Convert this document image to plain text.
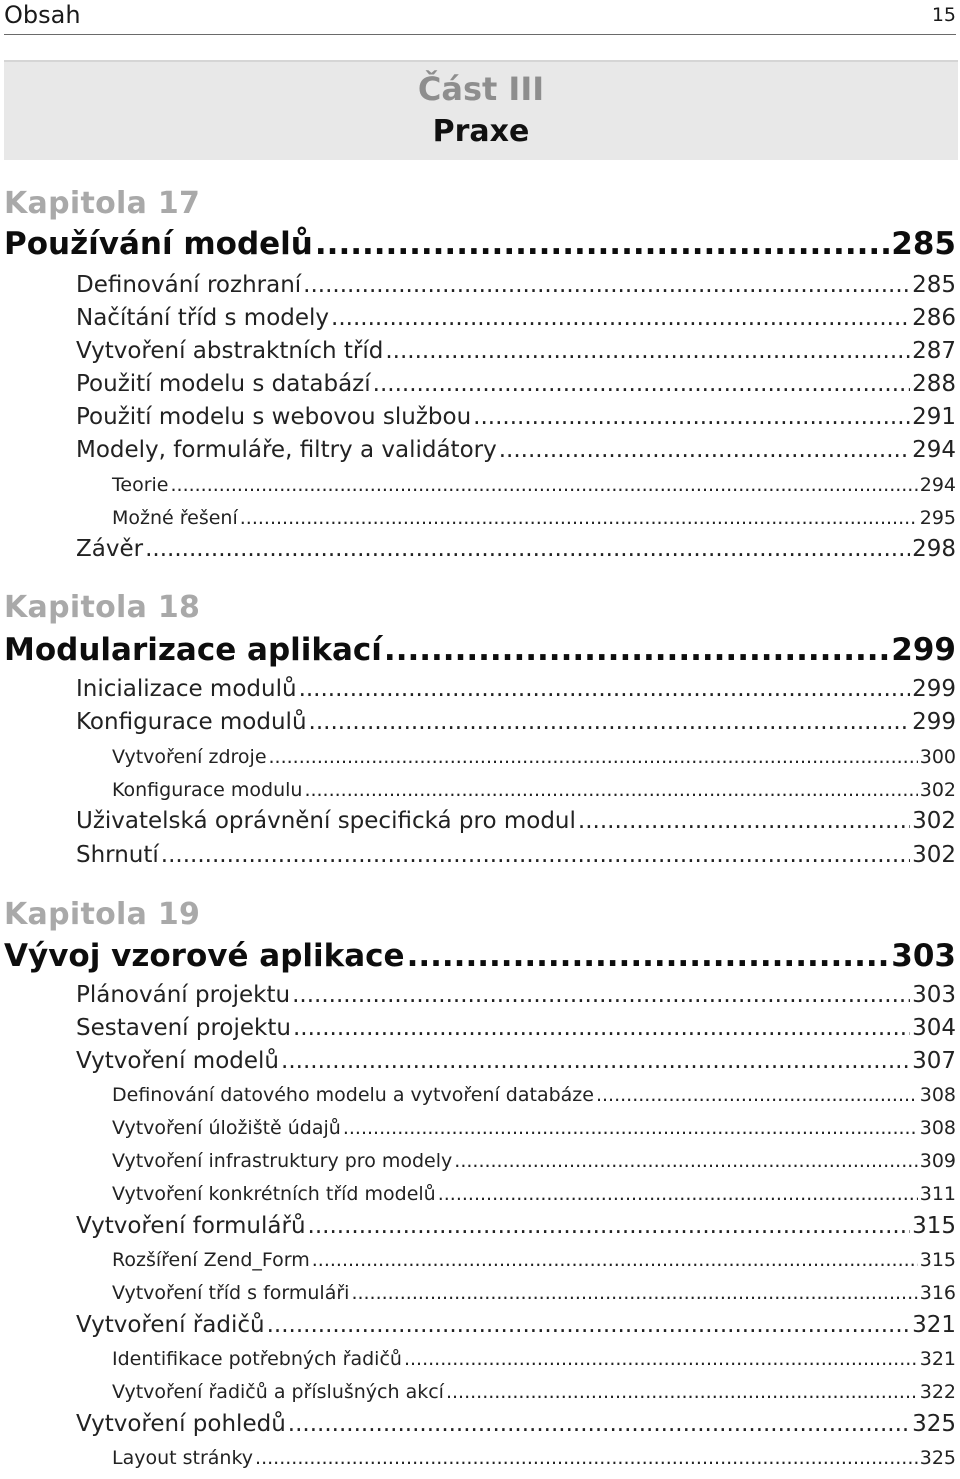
Obsah	15
Část III
Praxe
Kapitola 17
Používání modelů .....	285
Definování rozhraní .....	285
Načítání tříd s modely .....	286
Vytvoření abstraktních tříd .....	287
Použití modelu s databází .....	288
Použití modelu s webovou službou .....	291
Modely, formuláře, filtry a validátory .....	294
Teorie .....	294
Možné řešení .....	295
Závěr .....	298
Kapitola 18
Modularizace aplikací .....	299
Inicializace modulů .....	299
Konfigurace modulů .....	299
Vytvoření zdroje .....	300
Konfigurace modulu .....	302
Uživatelská oprávnění specifická pro modul .....	302
Shrnutí .....	302
Kapitola 19
Vývoj vzorové aplikace .....	303
Plánování projektu .....	303
Sestavení projektu .....	304
Vytvoření modelů .....	307
Definování datového modelu a vytvoření databáze .....	308
Vytvoření úložiště údajů .....	308
Vytvoření infrastruktury pro modely .....	309
Vytvoření konkrétních tříd modelů .....	311
Vytvoření formulářů .....	315
Rozšíření Zend_Form .....	315
Vytvoření tříd s formuláři .....	316
Vytvoření řadičů .....	321
Identifikace potřebných řadičů .....	321
Vytvoření řadičů a příslušných akcí .....	322
Vytvoření pohledů .....	325
Layout stránky .....	325
